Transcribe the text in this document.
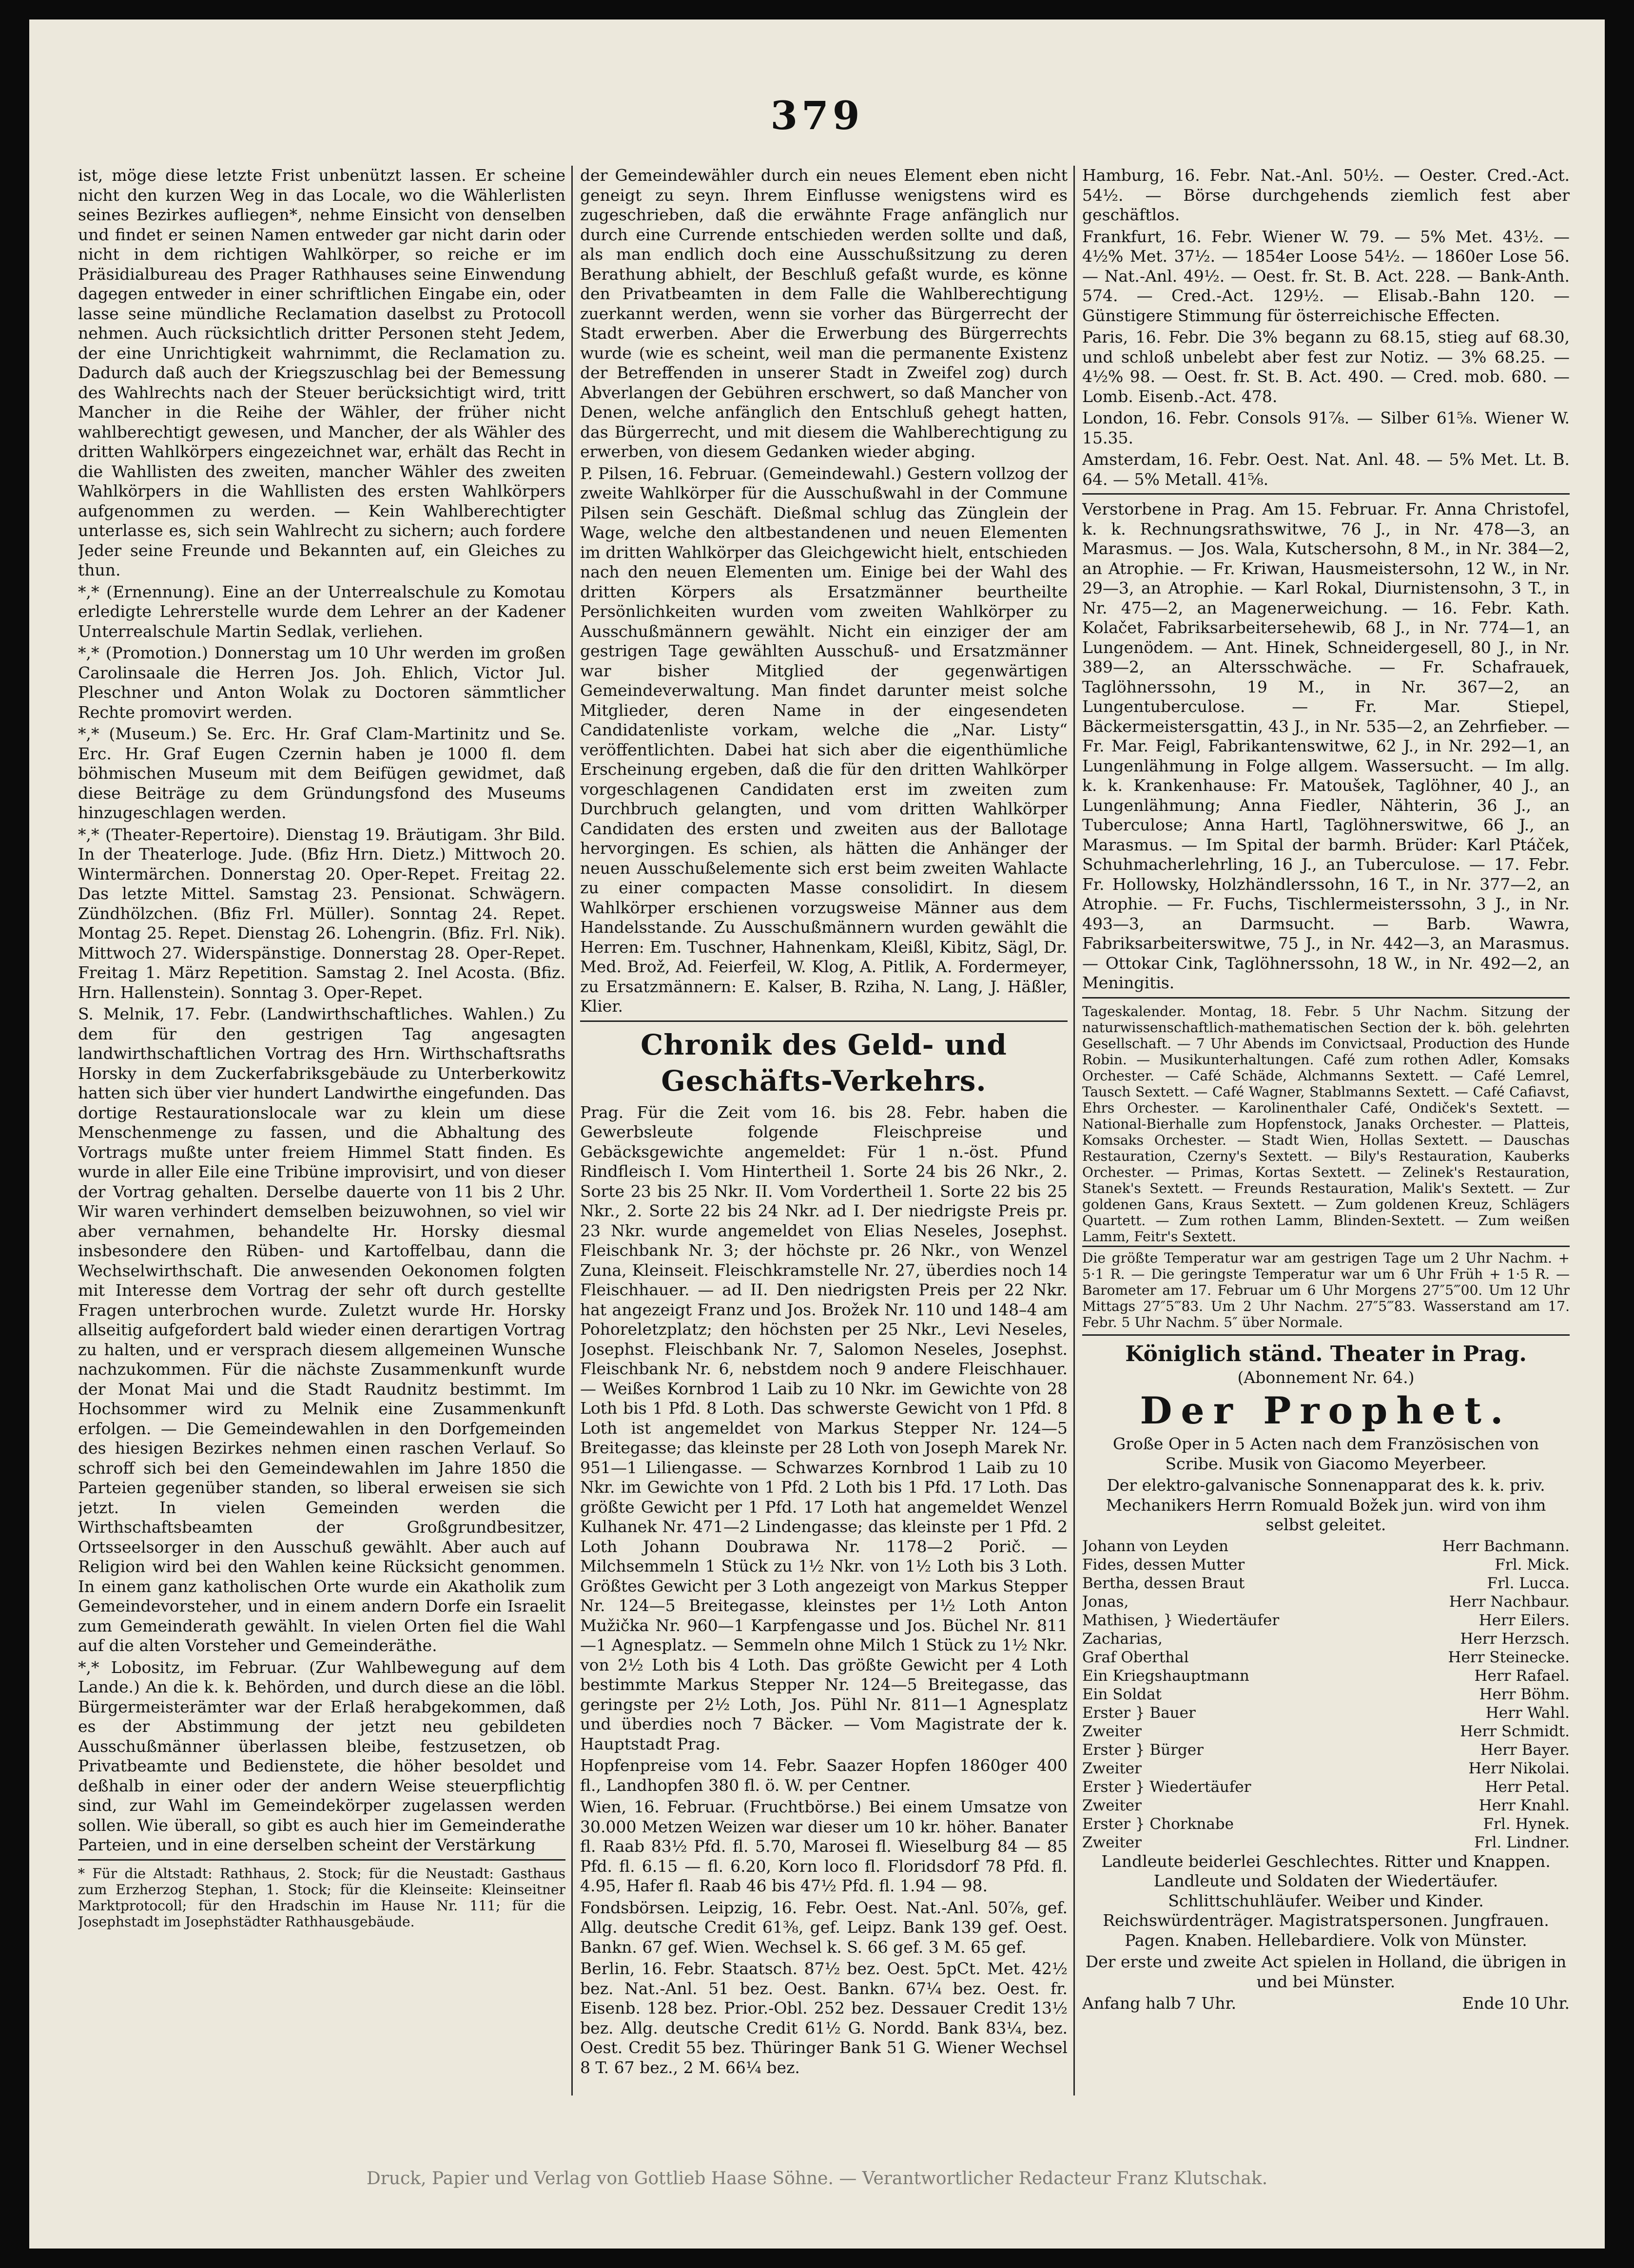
379

ist, möge diese letzte Frist unbenützt lassen. Er scheine nicht den kurzen Weg in das Locale, wo die Wählerlisten seines Bezirkes aufliegen*, nehme Einsicht von denselben und findet er seinen Namen entweder gar nicht darin oder nicht in dem richtigen Wahlkörper, so reiche er im Präsidialbureau des Prager Rathhauses seine Einwendung dagegen entweder in einer schriftlichen Eingabe ein, oder lasse seine mündliche Reclamation daselbst zu Protocoll nehmen. Auch rücksichtlich dritter Personen steht Jedem, der eine Unrichtigkeit wahrnimmt, die Reclamation zu. Dadurch daß auch der Kriegszuschlag bei der Bemessung des Wahlrechts nach der Steuer berücksichtigt wird, tritt Mancher in die Reihe der Wähler, der früher nicht wahlberechtigt gewesen, und Mancher, der als Wähler des dritten Wahlkörpers eingezeichnet war, erhält das Recht in die Wahllisten des zweiten, mancher Wähler des zweiten Wahlkörpers in die Wahllisten des ersten Wahlkörpers aufgenommen zu werden. — Kein Wahlberechtigter unterlasse es, sich sein Wahlrecht zu sichern; auch fordere Jeder seine Freunde und Bekannten auf, ein Gleiches zu thun.

*,* (Ernennung). Eine an der Unterrealschule zu Komotau erledigte Lehrerstelle wurde dem Lehrer an der Kadener Unterrealschule Martin Sedlak, verliehen.

*,* (Promotion.) Donnerstag um 10 Uhr werden im großen Carolinsaale die Herren Jos. Joh. Ehlich, Victor Jul. Pleschner und Anton Wolak zu Doctoren sämmtlicher Rechte promovirt werden.

*,* (Museum.) Se. Erc. Hr. Graf Clam-Martinitz und Se. Erc. Hr. Graf Eugen Czernin haben je 1000 fl. dem böhmischen Museum mit dem Beifügen gewidmet, daß diese Beiträge zu dem Gründungsfond des Museums hinzugeschlagen werden.

*,* (Theater-Repertoire). Dienstag 19. Bräutigam. 3hr Bild. In der Theaterloge. Jude. (Bfiz Hrn. Dietz.) Mittwoch 20. Wintermärchen. Donnerstag 20. Oper-Repet. Freitag 22. Das letzte Mittel. Samstag 23. Pensionat. Schwägern. Zündhölzchen. (Bfiz Frl. Müller). Sonntag 24. Repet. Montag 25. Repet. Dienstag 26. Lohengrin. (Bfiz. Frl. Nik). Mittwoch 27. Widerspänstige. Donnerstag 28. Oper-Repet. Freitag 1. März Repetition. Samstag 2. Inel Acosta. (Bfiz. Hrn. Hallenstein). Sonntag 3. Oper-Repet.

S. Melnik, 17. Febr. (Landwirthschaftliches. Wahlen.) Zu dem für den gestrigen Tag angesagten landwirthschaftlichen Vortrag des Hrn. Wirthschaftsraths Horsky in dem Zuckerfabriksgebäude zu Unterberkowitz hatten sich über vier hundert Landwirthe eingefunden. Das dortige Restaurationslocale war zu klein um diese Menschenmenge zu fassen, und die Abhaltung des Vortrags mußte unter freiem Himmel Statt finden. Es wurde in aller Eile eine Tribüne improvisirt, und von dieser der Vortrag gehalten. Derselbe dauerte von 11 bis 2 Uhr. Wir waren verhindert demselben beizuwohnen, so viel wir aber vernahmen, behandelte Hr. Horsky diesmal insbesondere den Rüben- und Kartoffelbau, dann die Wechselwirthschaft. Die anwesenden Oekonomen folgten mit Interesse dem Vortrag der sehr oft durch gestellte Fragen unterbrochen wurde. Zuletzt wurde Hr. Horsky allseitig aufgefordert bald wieder einen derartigen Vortrag zu halten, und er versprach diesem allgemeinen Wunsche nachzukommen. Für die nächste Zusammenkunft wurde der Monat Mai und die Stadt Raudnitz bestimmt. Im Hochsommer wird zu Melnik eine Zusammenkunft erfolgen. — Die Gemeindewahlen in den Dorfgemeinden des hiesigen Bezirkes nehmen einen raschen Verlauf. So schroff sich bei den Gemeindewahlen im Jahre 1850 die Parteien gegenüber standen, so liberal erweisen sie sich jetzt. In vielen Gemeinden werden die Wirthschaftsbeamten der Großgrundbesitzer, Ortsseelsorger in den Ausschuß gewählt. Aber auch auf Religion wird bei den Wahlen keine Rücksicht genommen. In einem ganz katholischen Orte wurde ein Akatholik zum Gemeindevorsteher, und in einem andern Dorfe ein Israelit zum Gemeinderath gewählt. In vielen Orten fiel die Wahl auf die alten Vorsteher und Gemeinderäthe.

*,* Lobositz, im Februar. (Zur Wahlbewegung auf dem Lande.) An die k. k. Behörden, und durch diese an die löbl. Bürgermeisterämter war der Erlaß herabgekommen, daß es der Abstimmung der jetzt neu gebildeten Ausschußmänner überlassen bleibe, festzusetzen, ob Privatbeamte und Bedienstete, die höher besoldet und deßhalb in einer oder der andern Weise steuerpflichtig sind, zur Wahl im Gemeindekörper zugelassen werden sollen. Wie überall, so gibt es auch hier im Gemeinderathe Parteien, und in eine derselben scheint der Verstärkung

* Für die Altstadt: Rathhaus, 2. Stock; für die Neustadt: Gasthaus zum Erzherzog Stephan, 1. Stock; für die Kleinseite: Kleinseitner Marktprotocoll; für den Hradschin im Hause Nr. 111; für die Josephstadt im Josephstädter Rathhausgebäude.

der Gemeindewähler durch ein neues Element eben nicht geneigt zu seyn. Ihrem Einflusse wenigstens wird es zugeschrieben, daß die erwähnte Frage anfänglich nur durch eine Currende entschieden werden sollte und daß, als man endlich doch eine Ausschußsitzung zu deren Berathung abhielt, der Beschluß gefaßt wurde, es könne den Privatbeamten in dem Falle die Wahlberechtigung zuerkannt werden, wenn sie vorher das Bürgerrecht der Stadt erwerben. Aber die Erwerbung des Bürgerrechts wurde (wie es scheint, weil man die permanente Existenz der Betreffenden in unserer Stadt in Zweifel zog) durch Abverlangen der Gebühren erschwert, so daß Mancher von Denen, welche anfänglich den Entschluß gehegt hatten, das Bürgerrecht, und mit diesem die Wahlberechtigung zu erwerben, von diesem Gedanken wieder abging.

P. Pilsen, 16. Februar. (Gemeindewahl.) Gestern vollzog der zweite Wahlkörper für die Ausschußwahl in der Commune Pilsen sein Geschäft. Dießmal schlug das Zünglein der Wage, welche den altbestandenen und neuen Elementen im dritten Wahlkörper das Gleichgewicht hielt, entschieden nach den neuen Elementen um. Einige bei der Wahl des dritten Körpers als Ersatzmänner beurtheilte Persönlichkeiten wurden vom zweiten Wahlkörper zu Ausschußmännern gewählt. Nicht ein einziger der am gestrigen Tage gewählten Ausschuß- und Ersatzmänner war bisher Mitglied der gegenwärtigen Gemeindeverwaltung. Man findet darunter meist solche Mitglieder, deren Name in der eingesendeten Candidatenliste vorkam, welche die „Nar. Listy“ veröffentlichten. Dabei hat sich aber die eigenthümliche Erscheinung ergeben, daß die für den dritten Wahlkörper vorgeschlagenen Candidaten erst im zweiten zum Durchbruch gelangten, und vom dritten Wahlkörper Candidaten des ersten und zweiten aus der Ballotage hervorgingen. Es schien, als hätten die Anhänger der neuen Ausschußelemente sich erst beim zweiten Wahlacte zu einer compacten Masse consolidirt. In diesem Wahlkörper erschienen vorzugsweise Männer aus dem Handelsstande. Zu Ausschußmännern wurden gewählt die Herren: Em. Tuschner, Hahnenkam, Kleißl, Kibitz, Sägl, Dr. Med. Brož, Ad. Feierfeil, W. Klog, A. Pitlik, A. Fordermeyer, zu Ersatzmännern: E. Kalser, B. Rziha, N. Lang, J. Häßler, Klier.

Chronik des Geld- und Geschäfts-Verkehrs.

Prag. Für die Zeit vom 16. bis 28. Febr. haben die Gewerbsleute folgende Fleischpreise und Gebäcksgewichte angemeldet: Für 1 n.-öst. Pfund Rindfleisch I. Vom Hintertheil 1. Sorte 24 bis 26 Nkr., 2. Sorte 23 bis 25 Nkr. II. Vom Vordertheil 1. Sorte 22 bis 25 Nkr., 2. Sorte 22 bis 24 Nkr. ad I. Der niedrigste Preis pr. 23 Nkr. wurde angemeldet von Elias Neseles, Josephst. Fleischbank Nr. 3; der höchste pr. 26 Nkr., von Wenzel Zuna, Kleinseit. Fleischkramstelle Nr. 27, überdies noch 14 Fleischhauer. — ad II. Den niedrigsten Preis per 22 Nkr. hat angezeigt Franz und Jos. Brožek Nr. 110 und 148–4 am Pohoreletzplatz; den höchsten per 25 Nkr., Levi Neseles, Josephst. Fleischbank Nr. 7, Salomon Neseles, Josephst. Fleischbank Nr. 6, nebstdem noch 9 andere Fleischhauer. — Weißes Kornbrod 1 Laib zu 10 Nkr. im Gewichte von 28 Loth bis 1 Pfd. 8 Loth. Das schwerste Gewicht von 1 Pfd. 8 Loth ist angemeldet von Markus Stepper Nr. 124—5 Breitegasse; das kleinste per 28 Loth von Joseph Marek Nr. 951—1 Liliengasse. — Schwarzes Kornbrod 1 Laib zu 10 Nkr. im Gewichte von 1 Pfd. 2 Loth bis 1 Pfd. 17 Loth. Das größte Gewicht per 1 Pfd. 17 Loth hat angemeldet Wenzel Kulhanek Nr. 471—2 Lindengasse; das kleinste per 1 Pfd. 2 Loth Johann Doubrawa Nr. 1178—2 Porič. — Milchsemmeln 1 Stück zu 1½ Nkr. von 1½ Loth bis 3 Loth. Größtes Gewicht per 3 Loth angezeigt von Markus Stepper Nr. 124—5 Breitegasse, kleinstes per 1½ Loth Anton Mužička Nr. 960—1 Karpfengasse und Jos. Büchel Nr. 811—1 Agnesplatz. — Semmeln ohne Milch 1 Stück zu 1½ Nkr. von 2½ Loth bis 4 Loth. Das größte Gewicht per 4 Loth bestimmte Markus Stepper Nr. 124—5 Breitegasse, das geringste per 2½ Loth, Jos. Pühl Nr. 811—1 Agnesplatz und überdies noch 7 Bäcker. — Vom Magistrate der k. Hauptstadt Prag.

Hopfenpreise vom 14. Febr. Saazer Hopfen 1860ger 400 fl., Landhopfen 380 fl. ö. W. per Centner.

Wien, 16. Februar. (Fruchtbörse.) Bei einem Umsatze von 30.000 Metzen Weizen war dieser um 10 kr. höher. Banater fl. Raab 83½ Pfd. fl. 5.70, Marosei fl. Wieselburg 84 — 85 Pfd. fl. 6.15 — fl. 6.20, Korn loco fl. Floridsdorf 78 Pfd. fl. 4.95, Hafer fl. Raab 46 bis 47½ Pfd. fl. 1.94 — 98.

Fondsbörsen. Leipzig, 16. Febr. Oest. Nat.-Anl. 50⅞, gef. Allg. deutsche Credit 61⅜, gef. Leipz. Bank 139 gef. Oest. Bankn. 67 gef. Wien. Wechsel k. S. 66 gef. 3 M. 65 gef.

Berlin, 16. Febr. Staatsch. 87½ bez. Oest. 5pCt. Met. 42½ bez. Nat.-Anl. 51 bez. Oest. Bankn. 67¼ bez. Oest. fr. Eisenb. 128 bez. Prior.-Obl. 252 bez. Dessauer Credit 13½ bez. Allg. deutsche Credit 61½ G. Nordd. Bank 83¼, bez. Oest. Credit 55 bez. Thüringer Bank 51 G. Wiener Wechsel 8 T. 67 bez., 2 M. 66¼ bez.

Hamburg, 16. Febr. Nat.-Anl. 50½. — Oester. Cred.-Act. 54½. — Börse durchgehends ziemlich fest aber geschäftlos.

Frankfurt, 16. Febr. Wiener W. 79. — 5% Met. 43½. — 4½% Met. 37½. — 1854er Loose 54½. — 1860er Lose 56. — Nat.-Anl. 49½. — Oest. fr. St. B. Act. 228. — Bank-Anth. 574. — Cred.-Act. 129½. — Elisab.-Bahn 120. — Günstigere Stimmung für österreichische Effecten.

Paris, 16. Febr. Die 3% begann zu 68.15, stieg auf 68.30, und schloß unbelebt aber fest zur Notiz. — 3% 68.25. — 4½% 98. — Oest. fr. St. B. Act. 490. — Cred. mob. 680. — Lomb. Eisenb.-Act. 478.

London, 16. Febr. Consols 91⅞. — Silber 61⅝. Wiener W. 15.35.

Amsterdam, 16. Febr. Oest. Nat. Anl. 48. — 5% Met. Lt. B. 64. — 5% Metall. 41⅝.

Verstorbene in Prag. Am 15. Februar. Fr. Anna Christofel, k. k. Rechnungsrathswitwe, 76 J., in Nr. 478—3, an Marasmus. — Jos. Wala, Kutschersohn, 8 M., in Nr. 384—2, an Atrophie. — Fr. Kriwan, Hausmeistersohn, 12 W., in Nr. 29—3, an Atrophie. — Karl Rokal, Diurnistensohn, 3 T., in Nr. 475—2, an Magenerweichung. — 16. Febr. Kath. Kolačet, Fabriksarbeitersehewib, 68 J., in Nr. 774—1, an Lungenödem. — Ant. Hinek, Schneidergesell, 80 J., in Nr. 389—2, an Altersschwäche. — Fr. Schafrauek, Taglöhnerssohn, 19 M., in Nr. 367—2, an Lungentuberculose. — Fr. Mar. Stiepel, Bäckermeistersgattin, 43 J., in Nr. 535—2, an Zehrfieber. — Fr. Mar. Feigl, Fabrikantenswitwe, 62 J., in Nr. 292—1, an Lungenlähmung in Folge allgem. Wassersucht. — Im allg. k. k. Krankenhause: Fr. Matoušek, Taglöhner, 40 J., an Lungenlähmung; Anna Fiedler, Nähterin, 36 J., an Tuberculose; Anna Hartl, Taglöhnerswitwe, 66 J., an Marasmus. — Im Spital der barmh. Brüder: Karl Ptáček, Schuhmacherlehrling, 16 J., an Tuberculose. — 17. Febr. Fr. Hollowsky, Holzhändlerssohn, 16 T., in Nr. 377—2, an Atrophie. — Fr. Fuchs, Tischlermeisterssohn, 3 J., in Nr. 493—3, an Darmsucht. — Barb. Wawra, Fabriksarbeiterswitwe, 75 J., in Nr. 442—3, an Marasmus. — Ottokar Cink, Taglöhnerssohn, 18 W., in Nr. 492—2, an Meningitis.

Tageskalender. Montag, 18. Febr. 5 Uhr Nachm. Sitzung der naturwissenschaftlich-mathematischen Section der k. böh. gelehrten Gesellschaft. — 7 Uhr Abends im Convictsaal, Production des Hunde Robin. — Musikunterhaltungen. Café zum rothen Adler, Komsaks Orchester. — Café Schäde, Alchmanns Sextett. — Café Lemrel, Tausch Sextett. — Café Wagner, Stablmanns Sextett. — Café Cafiavst, Ehrs Orchester. — Karolinenthaler Café, Ondiček's Sextett. — National-Bierhalle zum Hopfenstock, Janaks Orchester. — Platteis, Komsaks Orchester. — Stadt Wien, Hollas Sextett. — Dauschas Restauration, Czerny's Sextett. — Bily's Restauration, Kauberks Orchester. — Primas, Kortas Sextett. — Zelinek's Restauration, Stanek's Sextett. — Freunds Restauration, Malik's Sextett. — Zur goldenen Gans, Kraus Sextett. — Zum goldenen Kreuz, Schlägers Quartett. — Zum rothen Lamm, Blinden-Sextett. — Zum weißen Lamm, Feitr's Sextett.

Die größte Temperatur war am gestrigen Tage um 2 Uhr Nachm. + 5·1 R. — Die geringste Temperatur war um 6 Uhr Früh + 1·5 R. — Barometer am 17. Februar um 6 Uhr Morgens 27″5‴00. Um 12 Uhr Mittags 27″5‴83. Um 2 Uhr Nachm. 27″5‴83. Wasserstand am 17. Febr. 5 Uhr Nachm. 5″ über Normale.

Königlich ständ. Theater in Prag.
(Abonnement Nr. 64.)
Der Prophet.

Große Oper in 5 Acten nach dem Französischen von Scribe. Musik von Giacomo Meyerbeer.

Der elektro-galvanische Sonnenapparat des k. k. priv. Mechanikers Herrn Romuald Božek jun. wird von ihm selbst geleitet.

Johann von Leyden	Herr Bachmann.
Fides, dessen Mutter	Frl. Mick.
Bertha, dessen Braut	Frl. Lucca.
Jonas,	Herr Nachbaur.
Mathisen, } Wiedertäufer	Herr Eilers.
Zacharias,	Herr Herzsch.
Graf Oberthal	Herr Steinecke.
Ein Kriegshauptmann	Herr Rafael.
Ein Soldat	Herr Böhm.
Erster } Bauer	Herr Wahl.
Zweiter	Herr Schmidt.
Erster } Bürger	Herr Bayer.
Zweiter	Herr Nikolai.
Erster } Wiedertäufer	Herr Petal.
Zweiter	Herr Knahl.
Erster } Chorknabe	Frl. Hynek.
Zweiter	Frl. Lindner.

Landleute beiderlei Geschlechtes. Ritter und Knappen. Landleute und Soldaten der Wiedertäufer. Schlittschuhläufer. Weiber und Kinder. Reichswürdenträger. Magistratspersonen. Jungfrauen. Pagen. Knaben. Hellebardiere. Volk von Münster.

Der erste und zweite Act spielen in Holland, die übrigen in und bei Münster.

Anfang halb 7 Uhr.	Ende 10 Uhr.

Druck, Papier und Verlag von Gottlieb Haase Söhne. — Verantwortlicher Redacteur Franz Klutschak.
